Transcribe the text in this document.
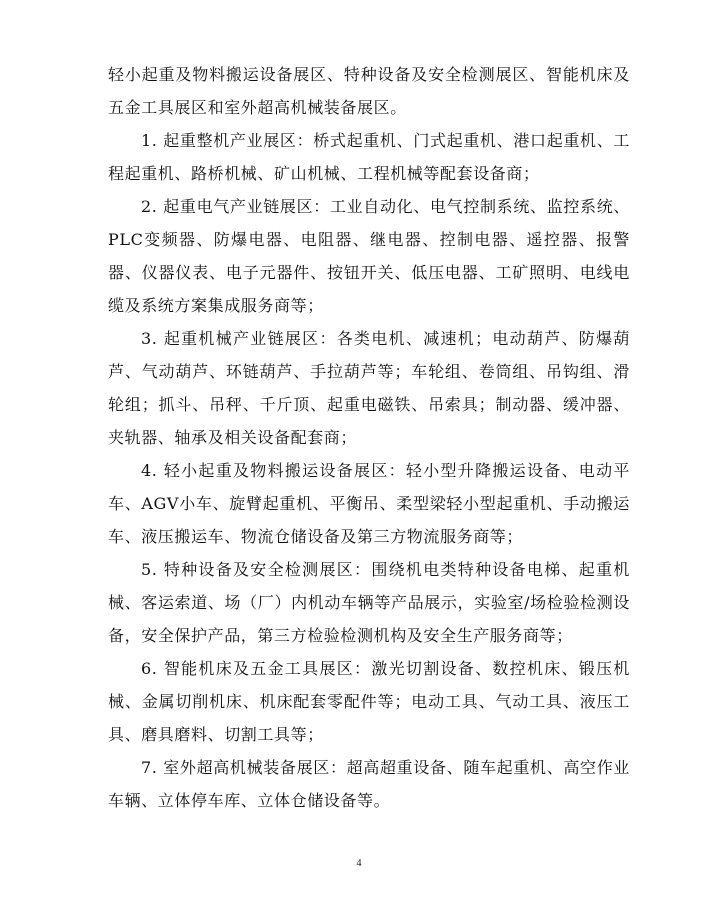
轻小起重及物料搬运设备展区、特种设备及安全检测展区、智能机床及五金工具展区和室外超高机械装备展区。

1. 起重整机产业展区：桥式起重机、门式起重机、港口起重机、工程起重机、路桥机械、矿山机械、工程机械等配套设备商；

2. 起重电气产业链展区：工业自动化、电气控制系统、监控系统、PLC变频器、防爆电器、电阻器、继电器、控制电器、遥控器、报警器、仪器仪表、电子元器件、按钮开关、低压电器、工矿照明、电线电缆及系统方案集成服务商等；

3. 起重机械产业链展区：各类电机、减速机；电动葫芦、防爆葫芦、气动葫芦、环链葫芦、手拉葫芦等；车轮组、卷筒组、吊钩组、滑轮组；抓斗、吊秤、千斤顶、起重电磁铁、吊索具；制动器、缓冲器、夹轨器、轴承及相关设备配套商；

4. 轻小起重及物料搬运设备展区：轻小型升降搬运设备、电动平车、AGV小车、旋臂起重机、平衡吊、柔型梁轻小型起重机、手动搬运车、液压搬运车、物流仓储设备及第三方物流服务商等；

5. 特种设备及安全检测展区：围绕机电类特种设备电梯、起重机械、客运索道、场（厂）内机动车辆等产品展示，实验室/场检验检测设备，安全保护产品，第三方检验检测机构及安全生产服务商等；

6. 智能机床及五金工具展区：激光切割设备、数控机床、锻压机械、金属切削机床、机床配套零配件等；电动工具、气动工具、液压工具、磨具磨料、切割工具等；

7. 室外超高机械装备展区：超高超重设备、随车起重机、高空作业车辆、立体停车库、立体仓储设备等。

4
